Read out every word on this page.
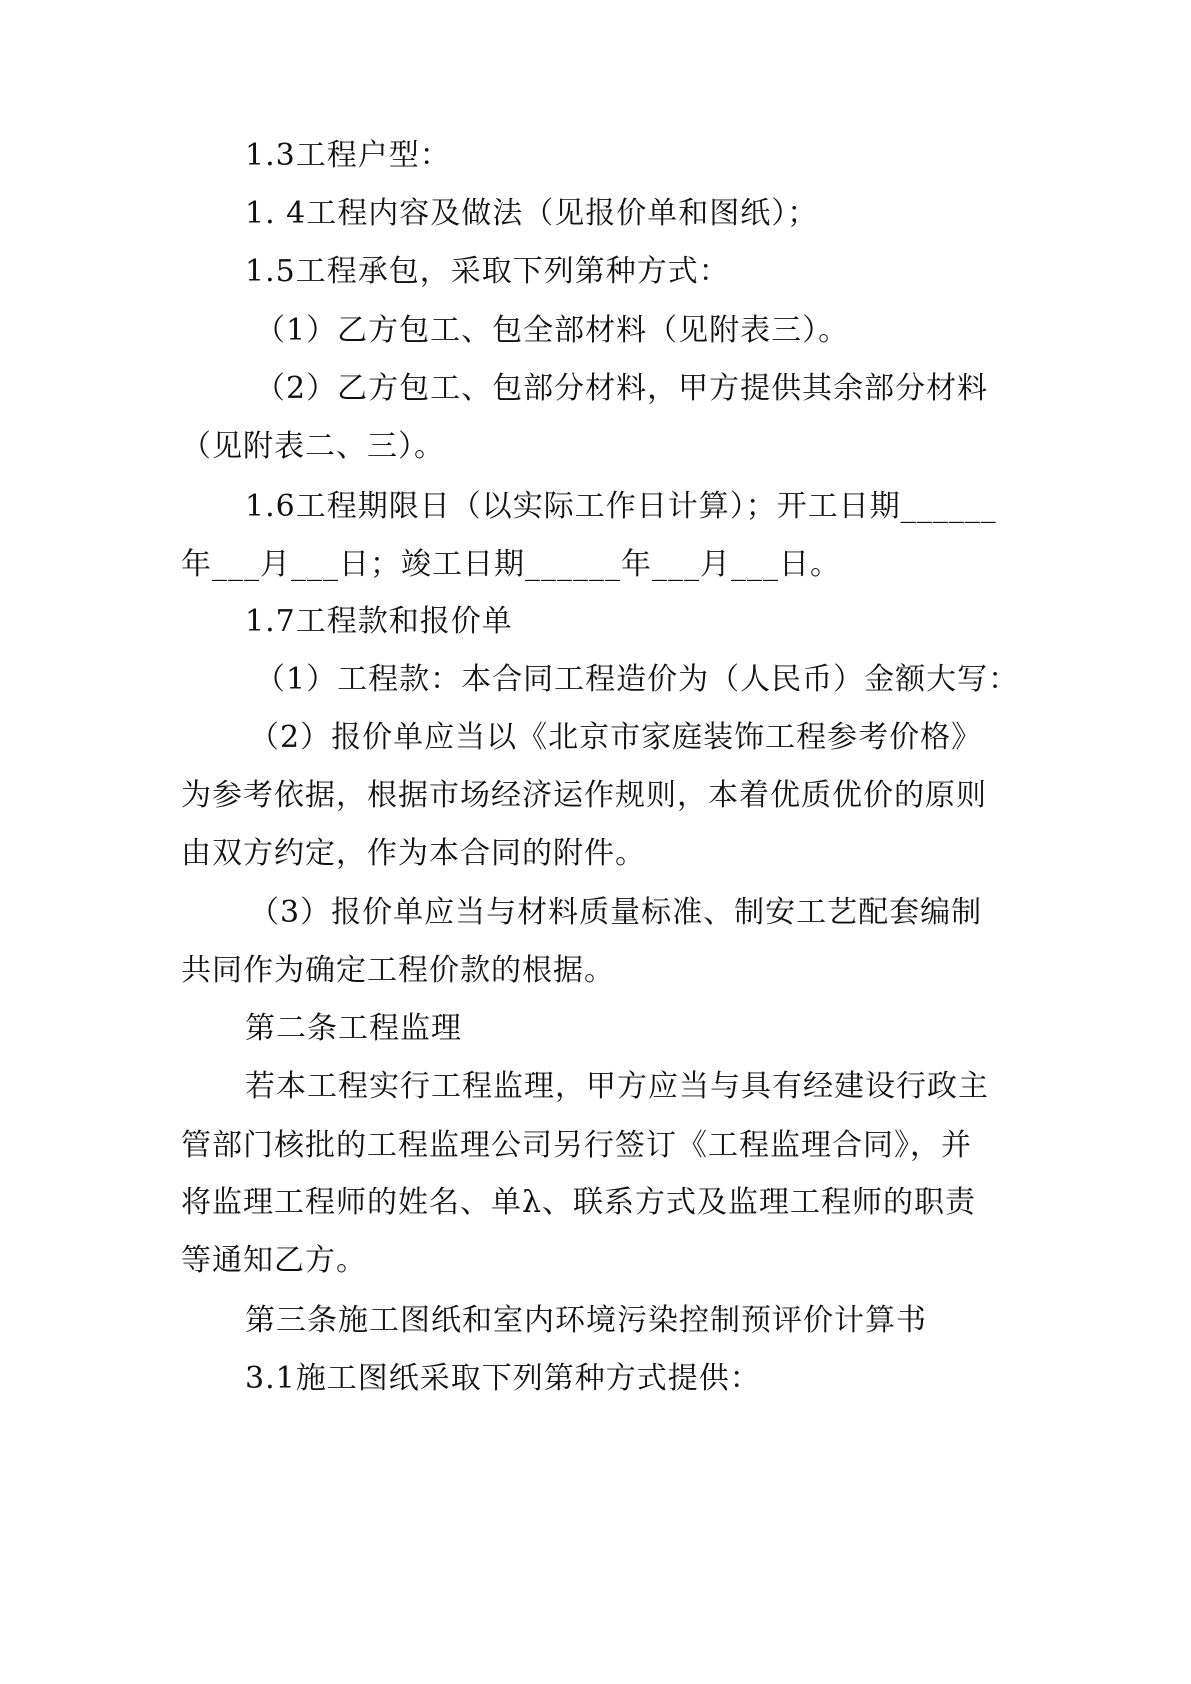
1.3工程户型：
1. 4工程内容及做法（见报价单和图纸）；
1.5工程承包，采取下列第种方式：
（1）乙方包工、包全部材料（见附表三）。
（2）乙方包工、包部分材料，甲方提供其余部分材料
（见附表二、三）。
1.6工程期限日（以实际工作日计算）；开工日期______
年___月___日；竣工日期______年___月___日。
1.7工程款和报价单
（1）工程款：本合同工程造价为（人民币）金额大写：
（2）报价单应当以《北京市家庭装饰工程参考价格》
为参考依据，根据市场经济运作规则，本着优质优价的原则
由双方约定，作为本合同的附件。
（3）报价单应当与材料质量标准、制安工艺配套编制
共同作为确定工程价款的根据。
第二条工程监理
若本工程实行工程监理，甲方应当与具有经建设行政主
管部门核批的工程监理公司另行签订《工程监理合同》，并
将监理工程师的姓名、单λ、联系方式及监理工程师的职责
等通知乙方。
第三条施工图纸和室内环境污染控制预评价计算书
3.1施工图纸采取下列第种方式提供：
